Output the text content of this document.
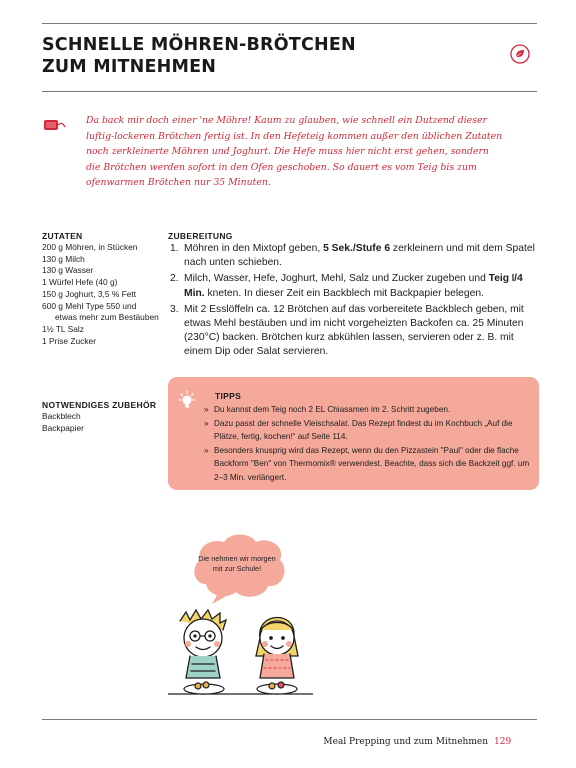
SCHNELLE MÖHREN-BRÖTCHEN
ZUM MITNEHMEN

Da back mir doch einer 'ne Möhre! Kaum zu glauben, wie schnell ein Dutzend dieser luftig-lockeren Brötchen fertig ist. In den Hefeteig kommen außer den üblichen Zutaten noch zerkleinerte Möhren und Joghurt. Die Hefe muss hier nicht erst gehen, sondern die Brötchen werden sofort in den Ofen geschoben. So dauert es vom Teig bis zum ofenwarmen Brötchen nur 35 Minuten.

ZUTATEN
200 g Möhren, in Stücken
130 g Milch
130 g Wasser
1 Würfel Hefe (40 g)
150 g Joghurt, 3,5 % Fett
600 g Mehl Type 550 und
etwas mehr zum Bestäuben
1½ TL Salz
1 Prise Zucker
NOTWENDIGES ZUBEHÖR
Backblech
Backpapier
ZUBEREITUNG
1. Möhren in den Mixtopf geben, 5 Sek./Stufe 6 zerkleinern und mit dem Spatel nach unten schieben.
2. Milch, Wasser, Hefe, Joghurt, Mehl, Salz und Zucker zugeben und Teig ⧙/4 Min. kneten. In dieser Zeit ein Backblech mit Backpapier belegen.
3. Mit 2 Esslöffeln ca. 12 Brötchen auf das vorbereitete Backblech geben, mit etwas Mehl bestäuben und im nicht vorgeheizten Backofen ca. 25 Minuten (230°C) backen. Brötchen kurz abkühlen lassen, servieren oder z. B. mit einem Dip oder Salat servieren.
TIPPS
» Du kannst dem Teig noch 2 EL Chiasamen im 2. Schritt zugeben.
» Dazu passt der schnelle Vleischsalat. Das Rezept findest du im Kochbuch „Auf die Plätze, fertig, kochen!“ auf Seite 114.
» Besonders knusprig wird das Rezept, wenn du den Pizzastein "Paul" oder die flache Backform "Ben" von Thermomix® verwendest. Beachte, dass sich die Backzeit ggf. um 2–3 Min. verlängert.

Die nehmen wir morgen mit zur Schule!

Meal Prepping und zum Mitnehmen 129
